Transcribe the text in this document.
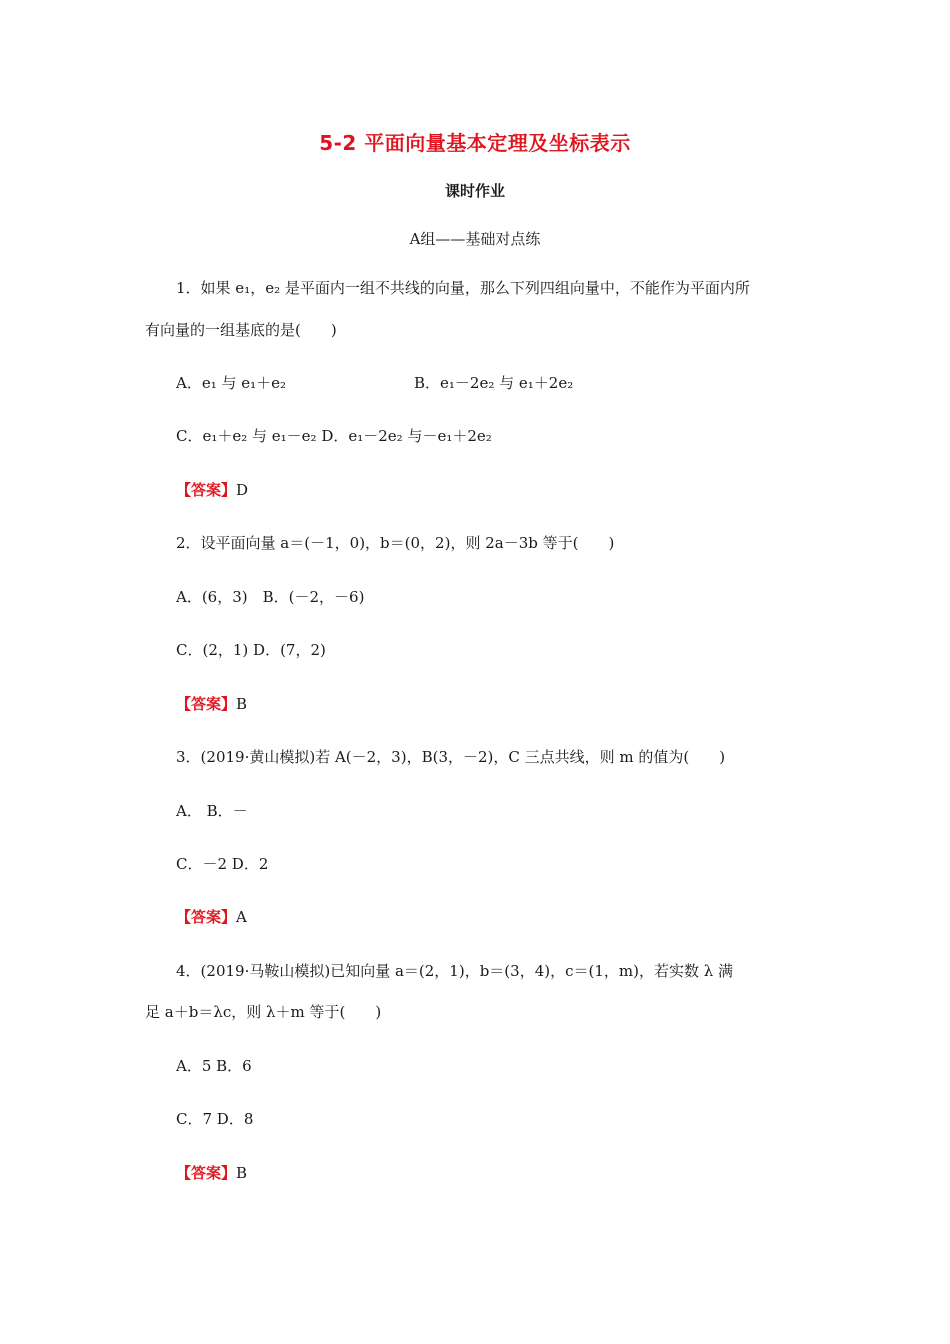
5-2 平面向量基本定理及坐标表示
课时作业
A组——基础对点练
1．如果 e₁，e₂ 是平面内一组不共线的向量，那么下列四组向量中，不能作为平面内所
有向量的一组基底的是(　　)
A．e₁ 与 e₁＋e₂	B．e₁－2e₂ 与 e₁＋2e₂
C．e₁＋e₂ 与 e₁－e₂ D．e₁－2e₂ 与－e₁＋2e₂
【答案】D
2．设平面向量 a＝(－1，0)，b＝(0，2)，则 2a－3b 等于(　　)
A．(6，3)　B．(－2，－6)
C．(2，1) D．(7，2)
【答案】B
3．(2019·黄山模拟)若 A(－2，3)，B(3，－2)，C 三点共线，则 m 的值为(　　)
A． B．－
C．－2 D．2
【答案】A
4．(2019·马鞍山模拟)已知向量 a＝(2，1)，b＝(3，4)，c＝(1，m)，若实数 λ 满
足 a＋b＝λc，则 λ＋m 等于(　　)
A．5 B．6
C．7 D．8
【答案】B
